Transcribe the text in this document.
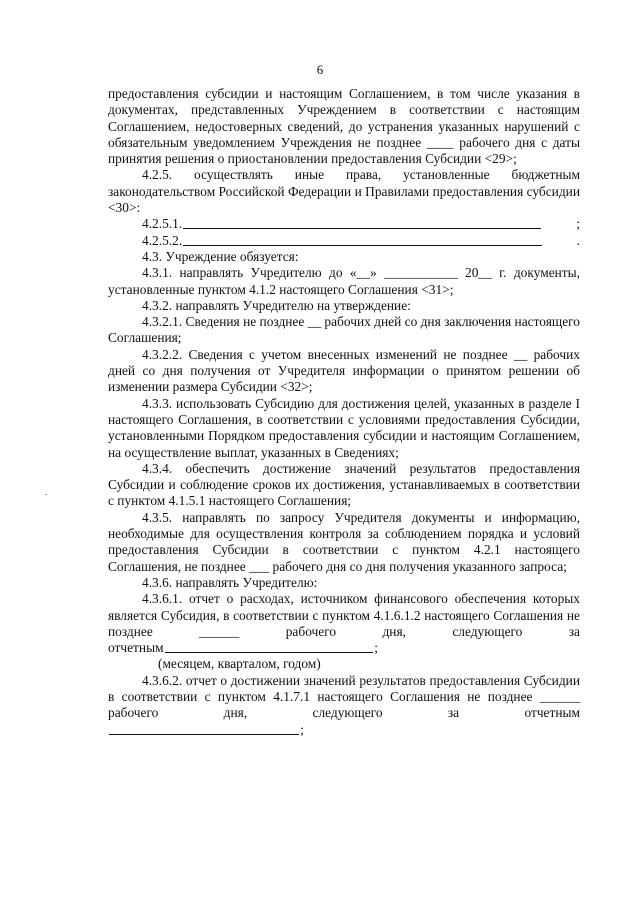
6

предоставления субсидии и настоящим Соглашением, в том числе указания в документах, представленных Учреждением в соответствии с настоящим Соглашением, недостоверных сведений, до устранения указанных нарушений с обязательным уведомлением Учреждения не позднее ____ рабочего дня с даты принятия решения о приостановлении предоставления Субсидии <29>;

4.2.5. осуществлять иные права, установленные бюджетным законодательством Российской Федерации и Правилами предоставления субсидии <30>:

4.2.5.1.	;
4.2.5.2.	.

4.3. Учреждение обязуется:

4.3.1. направлять Учредителю до «__» ___________ 20__ г. документы, установленные пунктом 4.1.2 настоящего Соглашения <31>;

4.3.2. направлять Учредителю на утверждение:

4.3.2.1. Сведения не позднее __ рабочих дней со дня заключения настоящего Соглашения;

4.3.2.2. Сведения с учетом внесенных изменений не позднее __ рабочих дней со дня получения от Учредителя информации о принятом решении об изменении размера Субсидии <32>;

4.3.3. использовать Субсидию для достижения целей, указанных в разделе I настоящего Соглашения, в соответствии с условиями предоставления Субсидии, установленными Порядком предоставления субсидии и настоящим Соглашением, на осуществление выплат, указанных в Сведениях;

4.3.4. обеспечить достижение значений результатов предоставления Субсидии и соблюдение сроков их достижения, устанавливаемых в соответствии с пунктом 4.1.5.1 настоящего Соглашения;

4.3.5. направлять по запросу Учредителя документы и информацию, необходимые для осуществления контроля за соблюдением порядка и условий предоставления Субсидии в соответствии с пунктом 4.2.1 настоящего Соглашения, не позднее ___ рабочего дня со дня получения указанного запроса;

4.3.6. направлять Учредителю:

4.3.6.1. отчет о расходах, источником финансового обеспечения которых является Субсидия, в соответствии с пунктом 4.1.6.1.2 настоящего Соглашения не позднее ______ рабочего дня, следующего за

отчетным	;
(месяцем, кварталом, годом)

4.3.6.2. отчет о достижении значений результатов предоставления Субсидии в соответствии с пунктом 4.1.7.1 настоящего Соглашения не позднее ______ рабочего дня, следующего за отчетным

;
